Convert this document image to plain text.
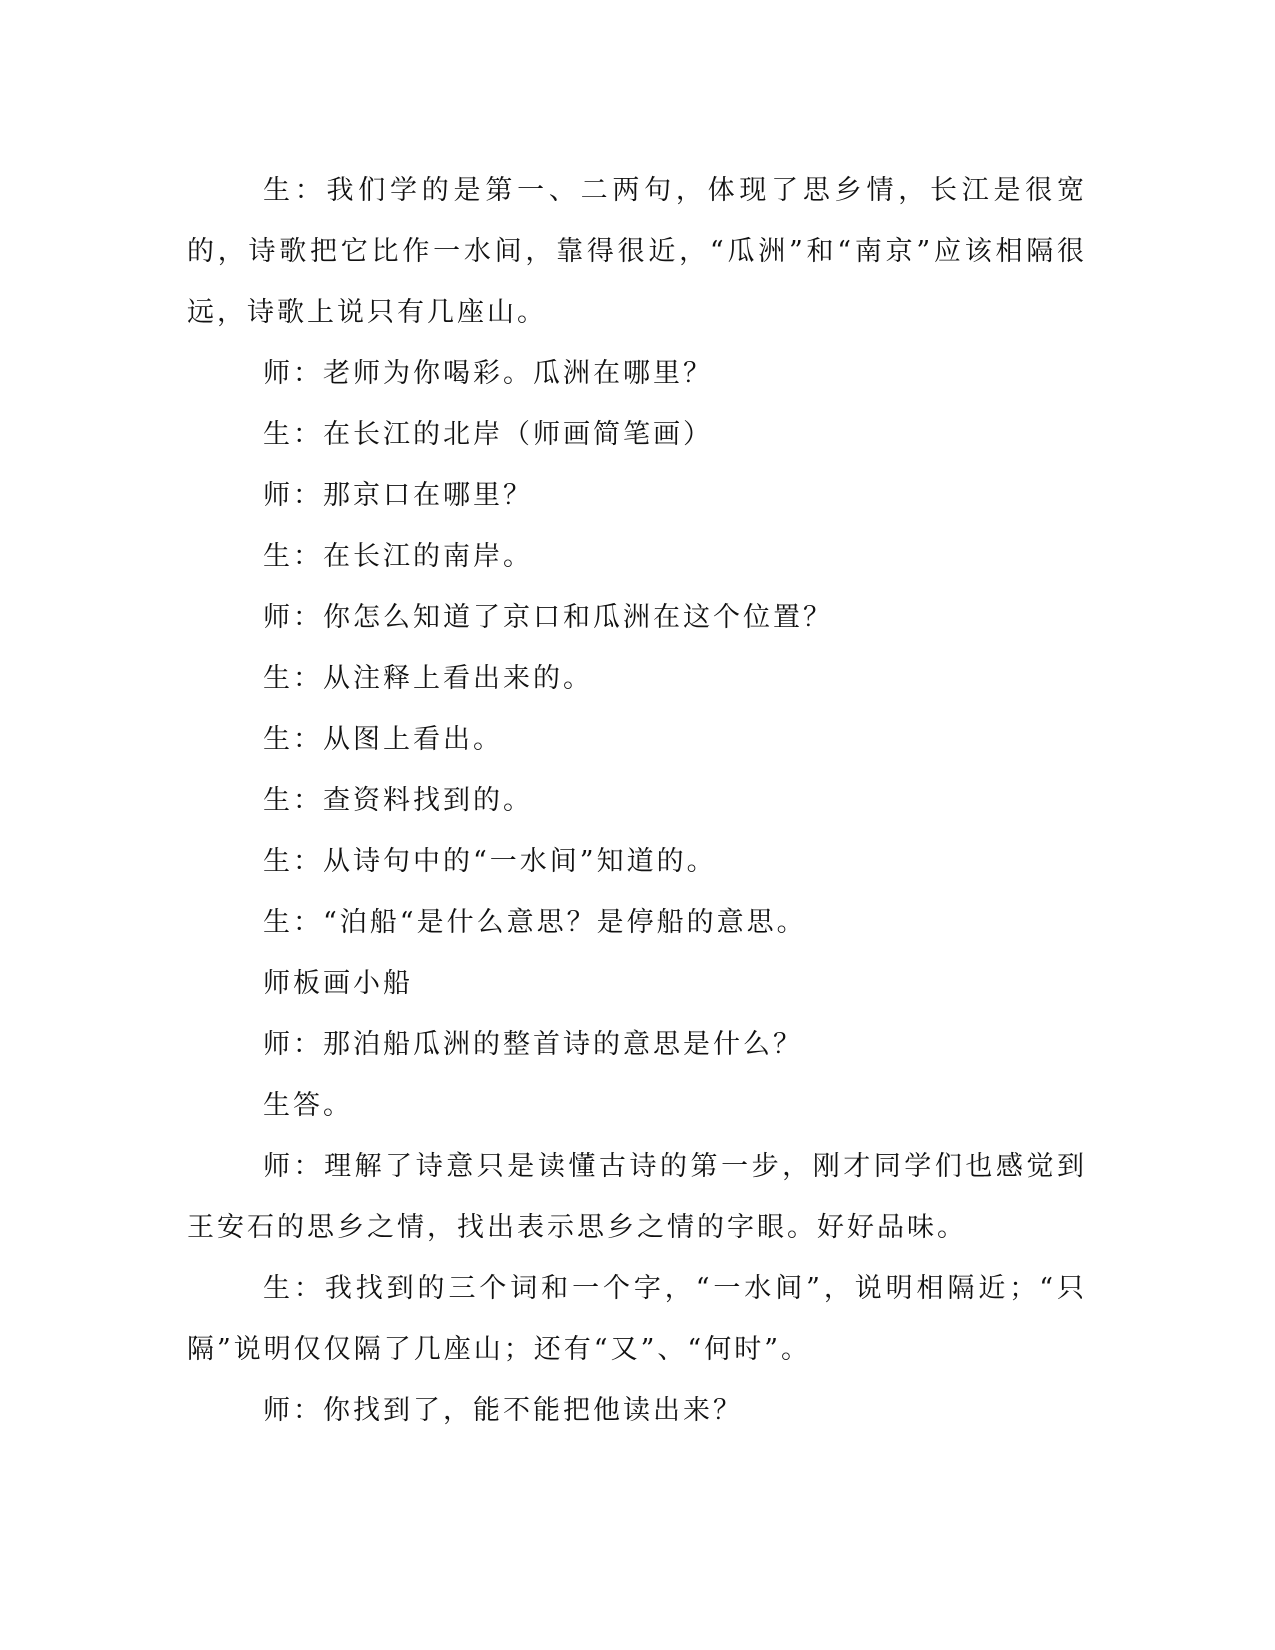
生：我们学的是第一、二两句，体现了思乡情，长江是很宽的，诗歌把它比作一水间，靠得很近，“瓜洲”和“南京”应该相隔很远，诗歌上说只有几座山。

师：老师为你喝彩。瓜洲在哪里？

生：在长江的北岸（师画简笔画）

师：那京口在哪里？

生：在长江的南岸。

师：你怎么知道了京口和瓜洲在这个位置？

生：从注释上看出来的。

生：从图上看出。

生：查资料找到的。

生：从诗句中的“一水间”知道的。

生：“泊船“是什么意思？是停船的意思。

师板画小船

师：那泊船瓜洲的整首诗的意思是什么？

生答。

师：理解了诗意只是读懂古诗的第一步，刚才同学们也感觉到王安石的思乡之情，找出表示思乡之情的字眼。好好品味。

生：我找到的三个词和一个字，“一水间”，说明相隔近；“只隔”说明仅仅隔了几座山；还有“又”、“何时”。

师：你找到了，能不能把他读出来？
